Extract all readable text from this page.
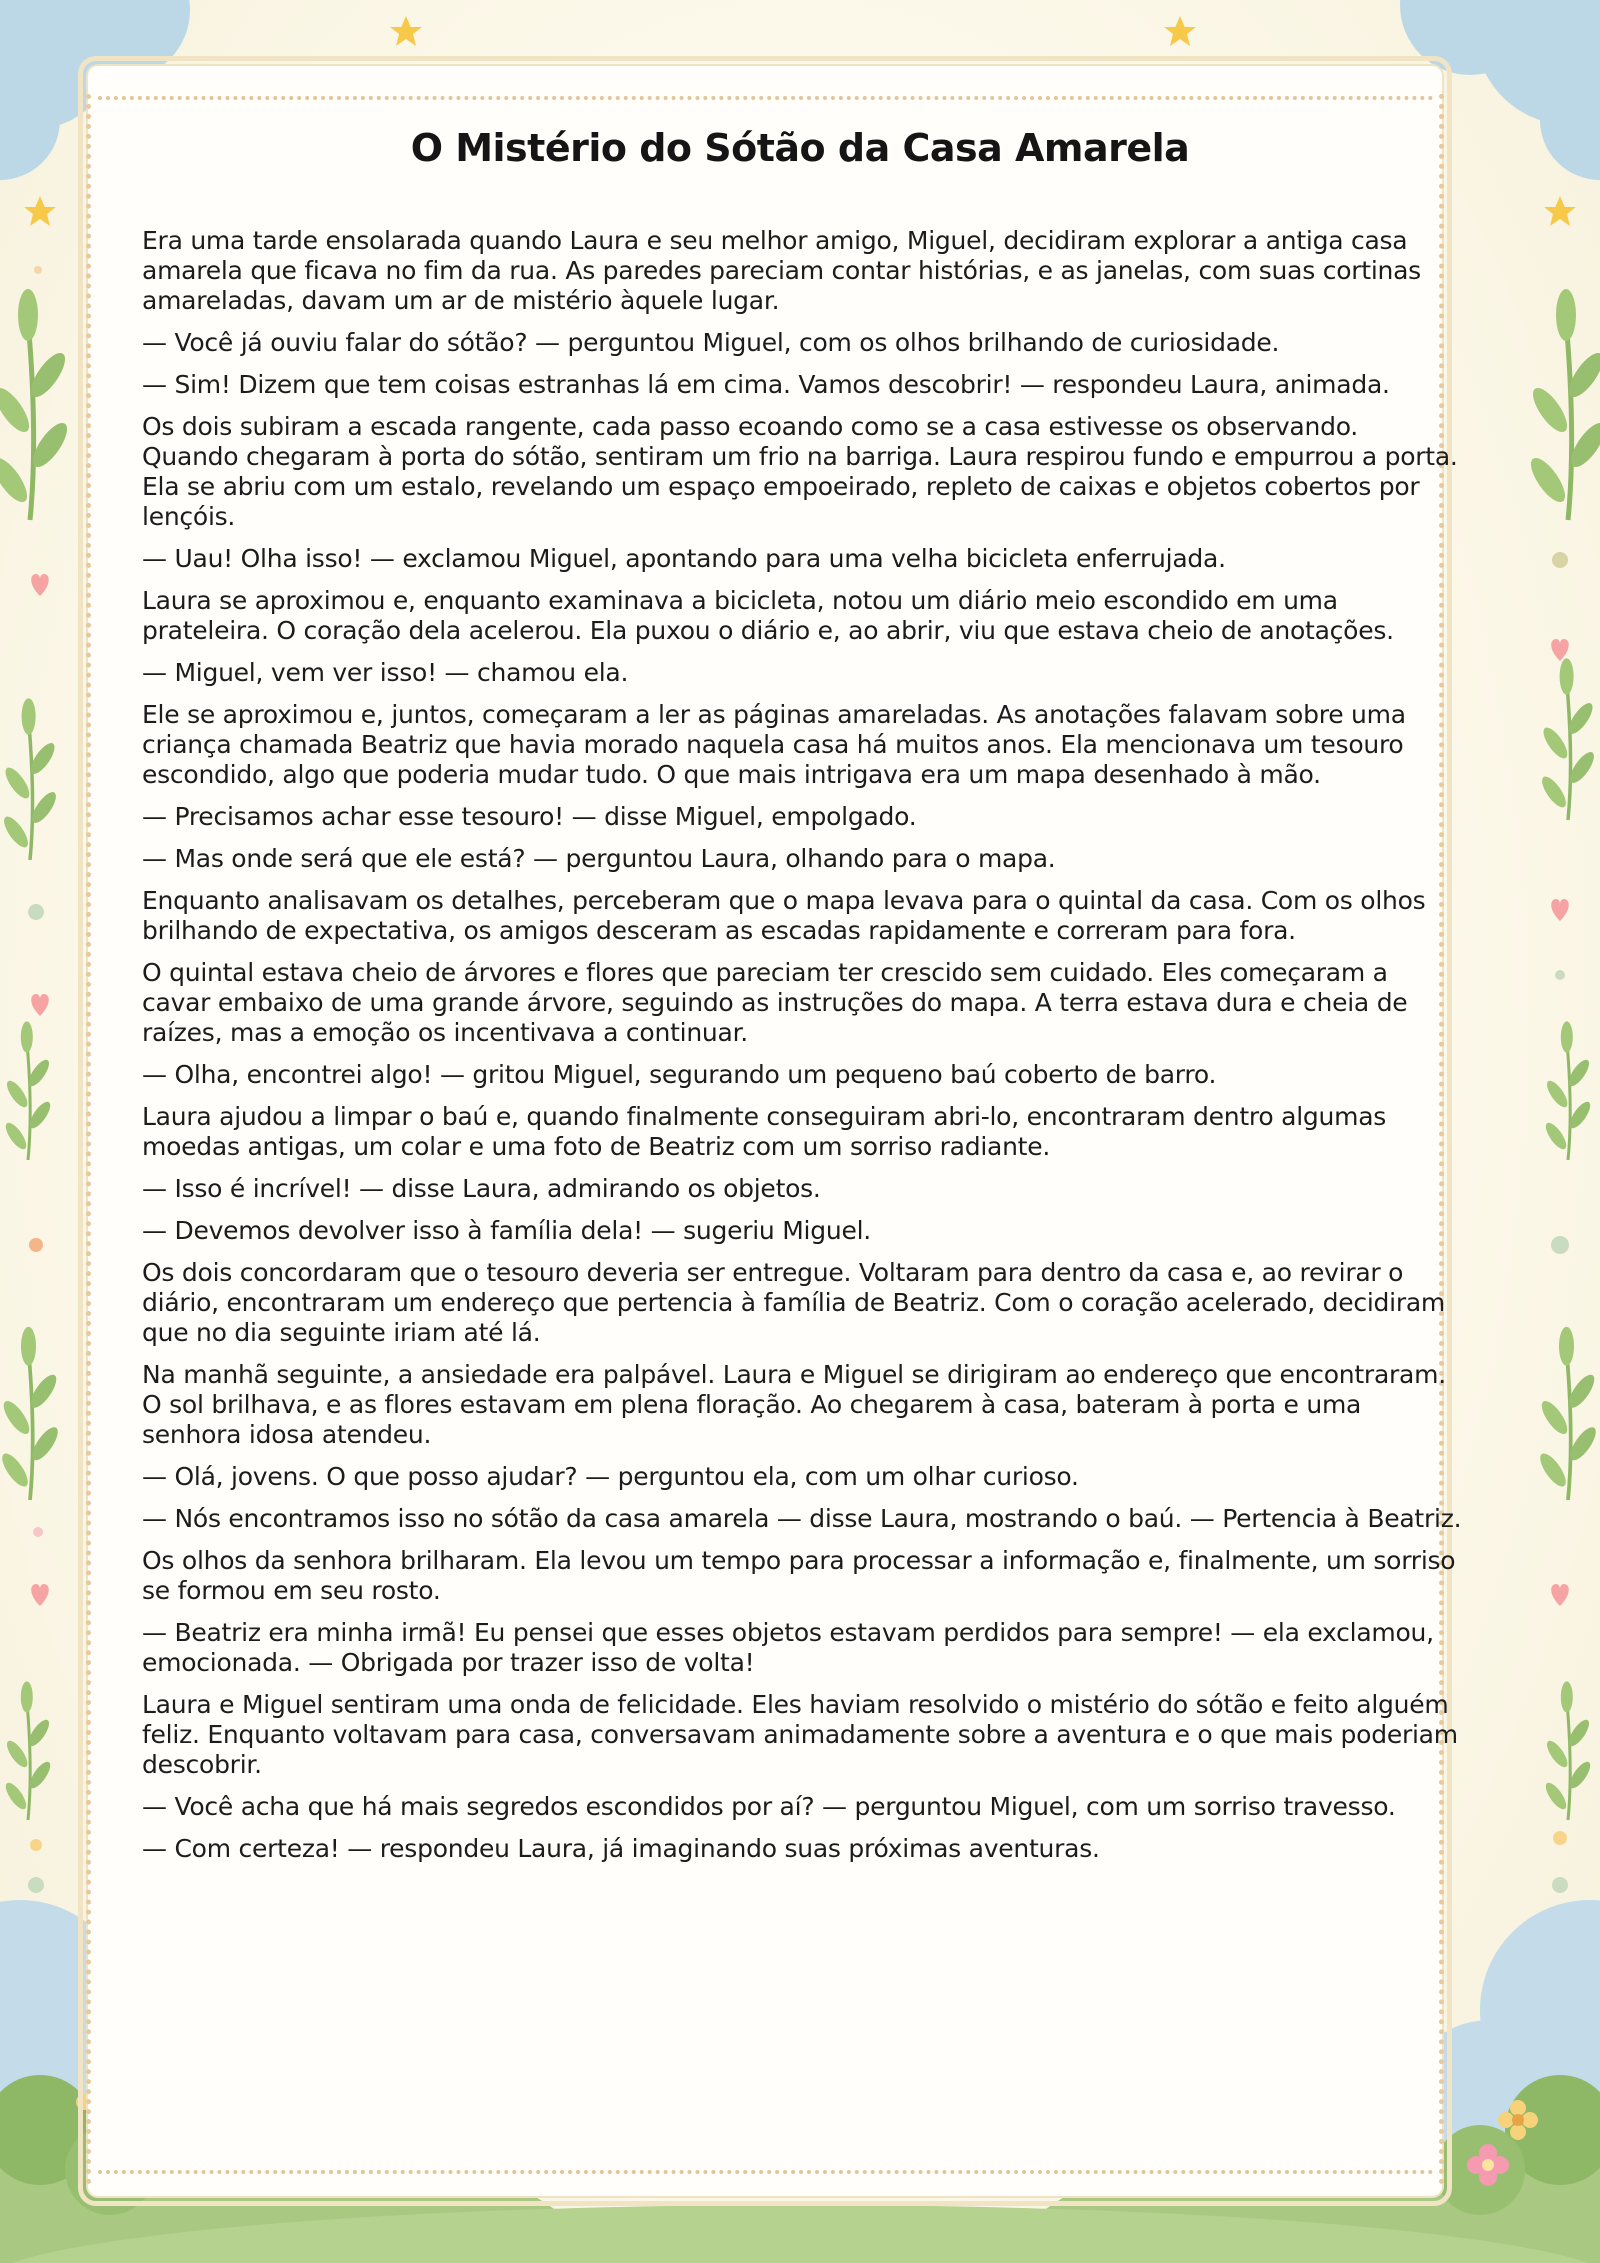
O Mistério do Sótão da Casa Amarela

Era uma tarde ensolarada quando Laura e seu melhor amigo, Miguel, decidiram explorar a antiga casa amarela que ficava no fim da rua. As paredes pareciam contar histórias, e as janelas, com suas cortinas amareladas, davam um ar de mistério àquele lugar.

— Você já ouviu falar do sótão? — perguntou Miguel, com os olhos brilhando de curiosidade.

— Sim! Dizem que tem coisas estranhas lá em cima. Vamos descobrir! — respondeu Laura, animada.

Os dois subiram a escada rangente, cada passo ecoando como se a casa estivesse os observando. Quando chegaram à porta do sótão, sentiram um frio na barriga. Laura respirou fundo e empurrou a porta. Ela se abriu com um estalo, revelando um espaço empoeirado, repleto de caixas e objetos cobertos por lençóis.

— Uau! Olha isso! — exclamou Miguel, apontando para uma velha bicicleta enferrujada.

Laura se aproximou e, enquanto examinava a bicicleta, notou um diário meio escondido em uma prateleira. O coração dela acelerou. Ela puxou o diário e, ao abrir, viu que estava cheio de anotações.

— Miguel, vem ver isso! — chamou ela.

Ele se aproximou e, juntos, começaram a ler as páginas amareladas. As anotações falavam sobre uma criança chamada Beatriz que havia morado naquela casa há muitos anos. Ela mencionava um tesouro escondido, algo que poderia mudar tudo. O que mais intrigava era um mapa desenhado à mão.

— Precisamos achar esse tesouro! — disse Miguel, empolgado.

— Mas onde será que ele está? — perguntou Laura, olhando para o mapa.

Enquanto analisavam os detalhes, perceberam que o mapa levava para o quintal da casa. Com os olhos brilhando de expectativa, os amigos desceram as escadas rapidamente e correram para fora.

O quintal estava cheio de árvores e flores que pareciam ter crescido sem cuidado. Eles começaram a cavar embaixo de uma grande árvore, seguindo as instruções do mapa. A terra estava dura e cheia de raízes, mas a emoção os incentivava a continuar.

— Olha, encontrei algo! — gritou Miguel, segurando um pequeno baú coberto de barro.

Laura ajudou a limpar o baú e, quando finalmente conseguiram abri-lo, encontraram dentro algumas moedas antigas, um colar e uma foto de Beatriz com um sorriso radiante.

— Isso é incrível! — disse Laura, admirando os objetos.

— Devemos devolver isso à família dela! — sugeriu Miguel.

Os dois concordaram que o tesouro deveria ser entregue. Voltaram para dentro da casa e, ao revirar o diário, encontraram um endereço que pertencia à família de Beatriz. Com o coração acelerado, decidiram que no dia seguinte iriam até lá.

Na manhã seguinte, a ansiedade era palpável. Laura e Miguel se dirigiram ao endereço que encontraram. O sol brilhava, e as flores estavam em plena floração. Ao chegarem à casa, bateram à porta e uma senhora idosa atendeu.

— Olá, jovens. O que posso ajudar? — perguntou ela, com um olhar curioso.

— Nós encontramos isso no sótão da casa amarela — disse Laura, mostrando o baú. — Pertencia à Beatriz.

Os olhos da senhora brilharam. Ela levou um tempo para processar a informação e, finalmente, um sorriso se formou em seu rosto.

— Beatriz era minha irmã! Eu pensei que esses objetos estavam perdidos para sempre! — ela exclamou, emocionada. — Obrigada por trazer isso de volta!

Laura e Miguel sentiram uma onda de felicidade. Eles haviam resolvido o mistério do sótão e feito alguém feliz. Enquanto voltavam para casa, conversavam animadamente sobre a aventura e o que mais poderiam descobrir.

— Você acha que há mais segredos escondidos por aí? — perguntou Miguel, com um sorriso travesso.

— Com certeza! — respondeu Laura, já imaginando suas próximas aventuras.
